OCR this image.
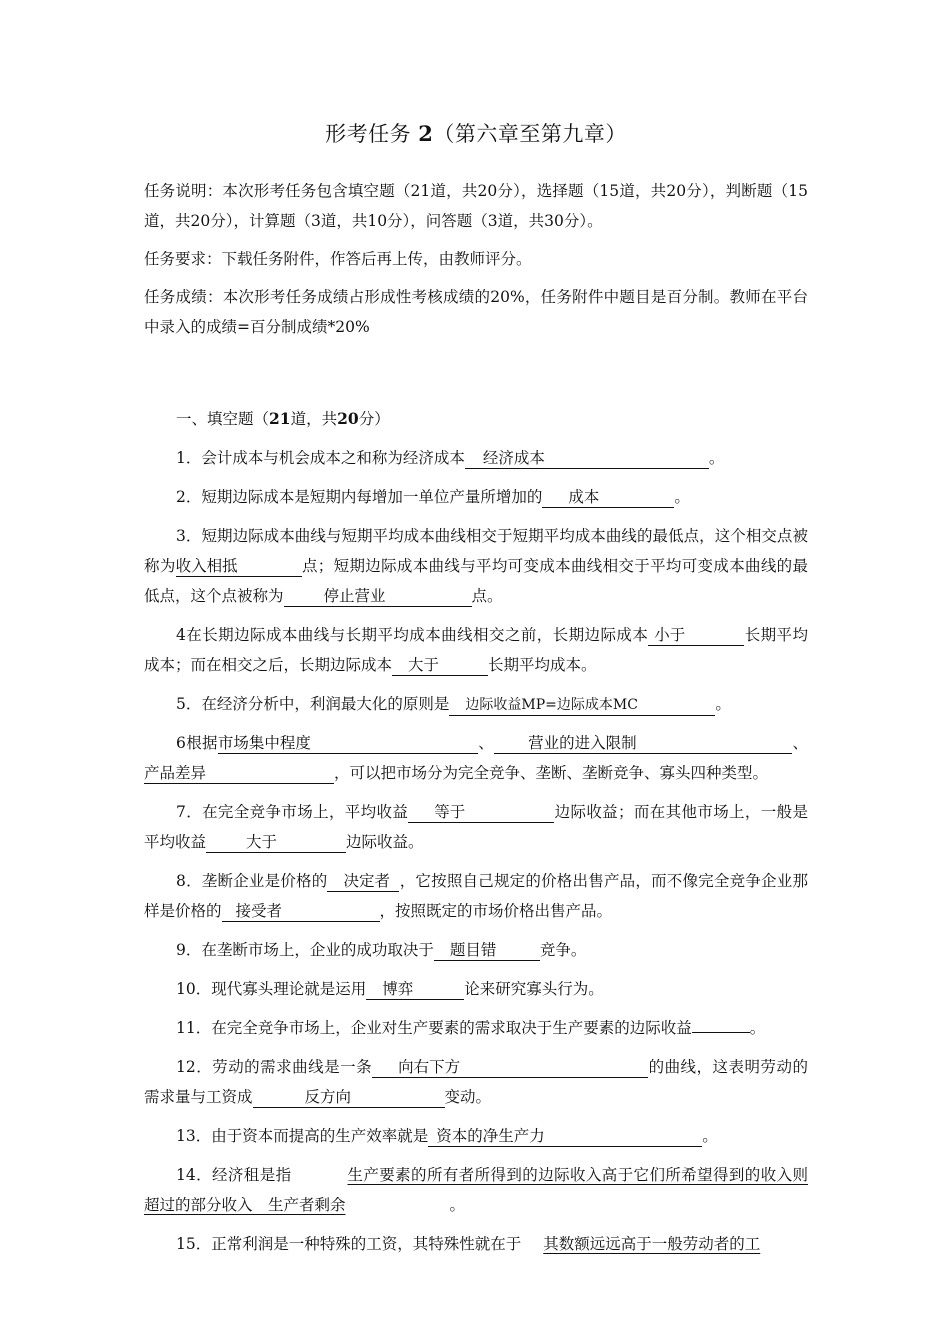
形考任务 2（第六章至第九章）

任务说明：本次形考任务包含填空题（21道，共20分），选择题（15道，共20分），判断题（15道，共20分），计算题（3道，共10分），问答题（3道，共30分）。

任务要求：下载任务附件，作答后再上传，由教师评分。

任务成绩：本次形考任务成绩占形成性考核成绩的20%，任务附件中题目是百分制。教师在平台中录入的成绩=百分制成绩*20%

一、填空题（21道，共20分）

1．会计成本与机会成本之和称为经济成本 经济成本	。

2．短期边际成本是短期内每增加一单位产量所增加的 成本	。

3．短期边际成本曲线与短期平均成本曲线相交于短期平均成本曲线的最低点，这个相交点被称为收入相抵	点；短期边际成本曲线与平均可变成本曲线相交于平均可变成本曲线的最低点，这个点被称为	停止营业	点。

4在长期边际成本曲线与长期平均成本曲线相交之前，长期边际成本 小于	长期平均成本；而在相交之后，长期边际成本 大于	长期平均成本。

5．在经济分析中，利润最大化的原则是 边际收益MP=边际成本MC	。

6根据市场集中程度	、 营业的进入限制	、产品差异	，可以把市场分为完全竞争、垄断、垄断竞争、寡头四种类型。

7．在完全竞争市场上，平均收益 等于	边际收益；而在其他市场上，一般是平均收益	大于	边际收益。

8．垄断企业是价格的 决定者 ，它按照自己规定的价格出售产品，而不像完全竞争企业那样是价格的 接受者	，按照既定的市场价格出售产品。

9．在垄断市场上，企业的成功取决于 题目错	竞争。

10．现代寡头理论就是运用 博弈	论来研究寡头行为。

11．在完全竞争市场上，企业对生产要素的需求取决于生产要素的边际收益	。

12．劳动的需求曲线是一条 向右下方	的曲线，这表明劳动的需求量与工资成	反方向	变动。

13．由于资本而提高的生产效率就是 资本的净生产力	。

14．经济租是指	生产要素的所有者所得到的边际收入高于它们所希望得到的收入则超过的部分收入　生产者剩余	。

15．正常利润是一种特殊的工资，其特殊性就在于 其数额远远高于一般劳动者的工
